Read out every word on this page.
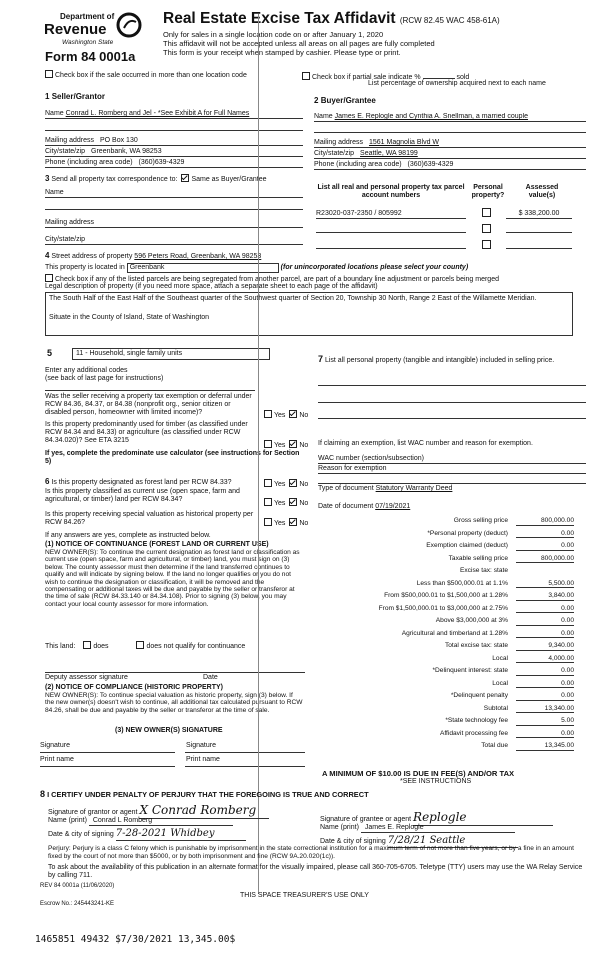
Department of
Revenue
Washington State
Form 84 0001a
Real Estate Excise Tax Affidavit (RCW 82.45 WAC 458-61A)
Only for sales in a single location code on or after January 1, 2020
This affidavit will not be accepted unless all areas on all pages are fully completed
This form is your receipt when stamped by cashier. Please type or print.
Check box if the sale occurred in more than one location code	Check box if partial sale indicate %	sold
List percentage of ownership acquired next to each name
1 Seller/Grantor
Name Conrad L. Romberg and Jel - *See Exhibit A for Full Names
Mailing address PO Box 130
City/state/zip Greenbank, WA 98253
Phone (including area code) (360)639-4329
2 Buyer/Grantee
Name James E. Replogle and Cynthia A. Snellman, a married couple
Mailing address 1561 Magnolia Blvd W
City/state/zip Seattle, WA 98199
Phone (including area code) (360)639-4329
3 Send all property tax correspondence to: Same as Buyer/Grantee
Name
Mailing address
City/state/zip
List all real and personal property tax parcel account numbers
Personal property?
Assessed value(s)
R23020-037-2350 / 805992	$ 338,200.00
4 Street address of property 596 Peters Road, Greenbank, WA 98253
This property is located in Greenbank	(for unincorporated locations please select your county)
Check box if any of the listed parcels are being segregated from another parcel, are part of a boundary line adjustment or parcels being merged
Legal description of property (if you need more space, attach a separate sheet to each page of the affidavit)
The South Half of the East Half of the Southeast quarter of the Southwest quarter of Section 20, Township 30 North, Range 2 East of the Willamette Meridian.
Situate in the County of Island, State of Washington
5	11 - Household, single family units
Enter any additional codes
(see back of last page for instructions)
Was the seller receiving a property tax exemption or deferral under RCW 84.36, 84.37, or 84.38 (nonprofit org., senior citizen or disabled person, homeowner with limited income)?	Yes No
Is this property predominantly used for timber (as classified under RCW 84.34 and 84.33) or agriculture (as classified under RCW 84.34.020)? See ETA 3215
Yes No
If yes, complete the predominate use calculator (see instructions for Section 5)
7 List all personal property (tangible and intangible) included in selling price.
If claiming an exemption, list WAC number and reason for exemption.
WAC number (section/subsection)
Reason for exemption
6 Is this property designated as forest land per RCW 84.33?	Yes No
Is this property classified as current use (open space, farm and agricultural, or timber) land per RCW 84.34?
Yes No
Is this property receiving special valuation as historical property per RCW 84.26?	Yes No
If any answers are yes, complete as instructed below.
(1) NOTICE OF CONTINUANCE (FOREST LAND OR CURRENT USE)
NEW OWNER(S): To continue the current designation as forest land or classification as current use (open space, farm and agricultural, or timber) land, you must sign on (3) below. The county assessor must then determine if the land transferred continues to qualify and will indicate by signing below. If the land no longer qualifies or you do not wish to continue the designation or classification, it will be removed and the compensating or additional taxes will be due and payable by the seller or transferor at the time of sale (RCW 84.33.140 or 84.34.108). Prior to signing (3) below, you may contact your local county assessor for more information.
This land:	does	does not qualify for continuance
Deputy assessor signature	Date
(2) NOTICE OF COMPLIANCE (HISTORIC PROPERTY)
NEW OWNER(S): To continue special valuation as historic property, sign (3) below. If the new owner(s) doesn't wish to continue, all additional tax calculated pursuant to RCW 84.26, shall be due and payable by the seller or transferor at the time of sale.
(3) NEW OWNER(S) SIGNATURE
Signature	Signature
Print name	Print name
Type of document Statutory Warranty Deed
Date of document 07/19/2021
Gross selling price	800,000.00
*Personal property (deduct)	0.00
Exemption claimed (deduct)	0.00
Taxable selling price	800,000.00
Excise tax: state
Less than $500,000.01 at 1.1%	5,500.00
From $500,000.01 to $1,500,000 at 1.28%	3,840.00
From $1,500,000.01 to $3,000,000 at 2.75%	0.00
Above $3,000,000 at 3%	0.00
Agricultural and timberland at 1.28%	0.00
Total excise tax: state	9,340.00
Local	4,000.00
*Delinquent interest: state	0.00
Local	0.00
*Delinquent penalty	0.00
Subtotal	13,340.00
*State technology fee	5.00
Affidavit processing fee	0.00
Total due	13,345.00
A MINIMUM OF $10.00 IS DUE IN FEE(S) AND/OR TAX
*SEE INSTRUCTIONS
8 I CERTIFY UNDER PENALTY OF PERJURY THAT THE FOREGOING IS TRUE AND CORRECT
Signature of grantor or agent X Conrad Romberg
Name (print) Conrad L Romberg
Date & city of signing 7-28-2021 Whidbey
Signature of grantee or agent Replogle
Name (print) James E. Replogle
Date & city of signing 7/28/21 Seattle
Perjury: Perjury is a class C felony which is punishable by imprisonment in the state correctional institution for a maximum term of not more than five years, or by a fine in an amount fixed by the court of not more than $5000, or by both imprisonment and fine (RCW 9A.20.020(1c)).
To ask about the availability of this publication in an alternate format for the visually impaired, please call 360-705-6705. Teletype (TTY) users may use the WA Relay Service by calling 711.
REV 84 0001a (11/06/2020)
THIS SPACE TREASURER'S USE ONLY
Escrow No.: 245443241-KE
1465851 49432 $7/30/2021 13,345.00$
